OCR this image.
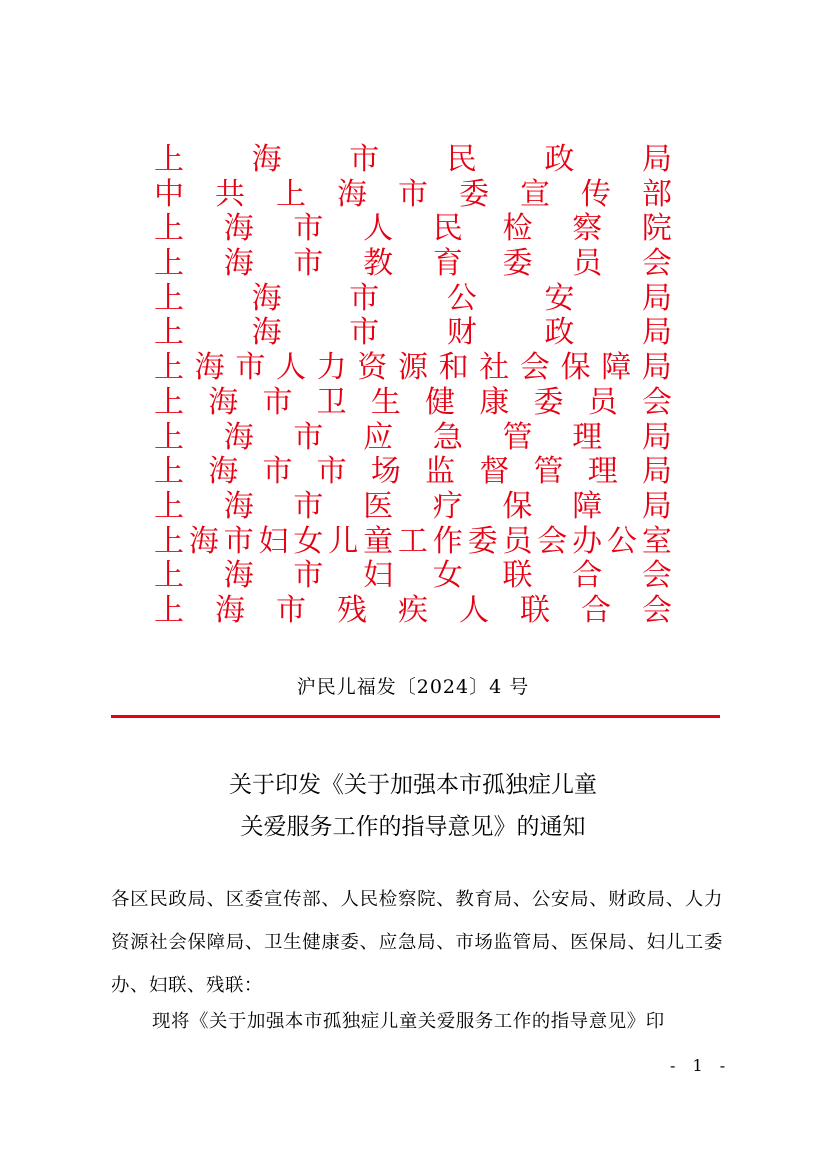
上 海 市 民 政 局
中 共 上 海 市 委 宣 传 部
上 海 市 人 民 检 察 院
上 海 市 教 育 委 员 会
上 海 市 公 安 局
上 海 市 财 政 局
上 海 市 人 力 资 源 和 社 会 保 障 局
上 海 市 卫 生 健 康 委 员 会
上 海 市 应 急 管 理 局
上 海 市 市 场 监 督 管 理 局
上 海 市 医 疗 保 障 局
上 海 市 妇 女 儿 童 工 作 委 员 会 办 公 室
上 海 市 妇 女 联 合 会
上 海 市 残 疾 人 联 合 会
沪民儿福发〔2024〕4 号
关于印发《关于加强本市孤独症儿童
关爱服务工作的指导意见》的通知
各区民政局、区委宣传部、人民检察院、教育局、公安局、财政局、人力资源社会保障局、卫生健康委、应急局、市场监管局、医保局、妇儿工委办、妇联、残联：
现将《关于加强本市孤独症儿童关爱服务工作的指导意见》印
- 1 -
